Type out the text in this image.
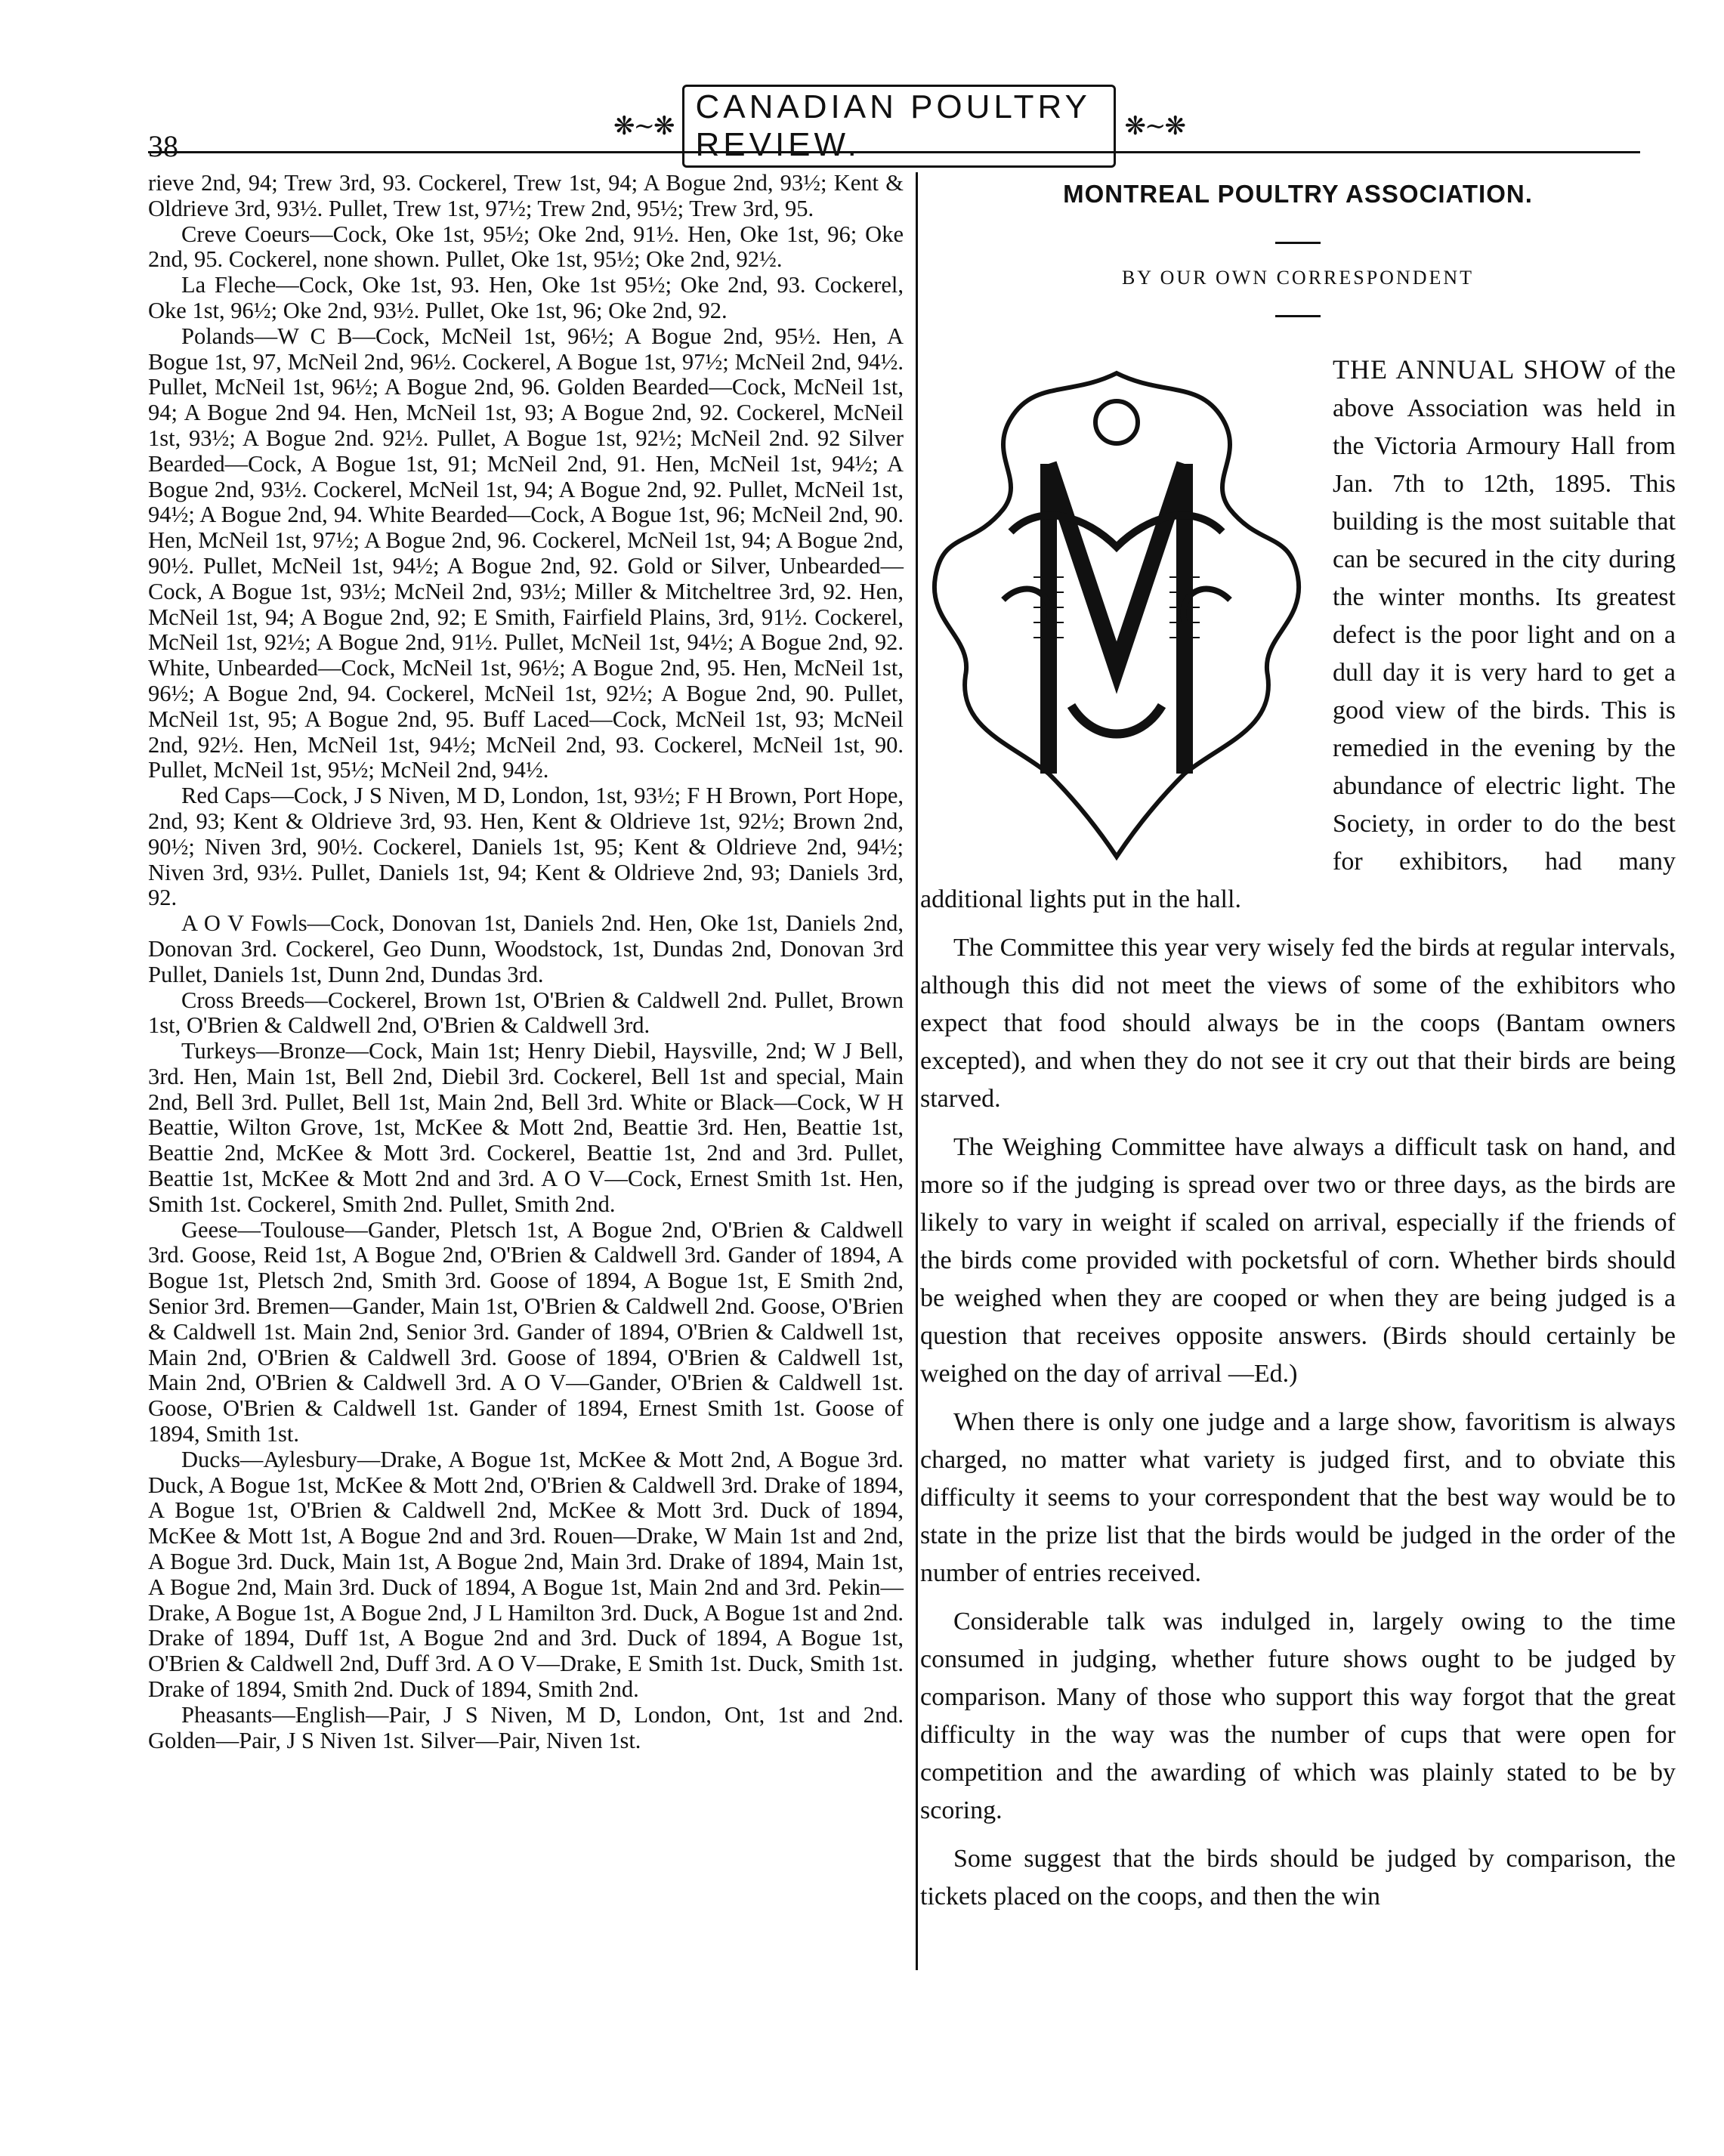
38
❋∼❋
CANADIAN POULTRY REVIEW.	❋∼❋

rieve 2nd, 94; Trew 3rd, 93. Cockerel, Trew 1st, 94; A Bogue 2nd, 93½; Kent & Oldrieve 3rd, 93½. Pullet, Trew 1st, 97½; Trew 2nd, 95½; Trew 3rd, 95.

Creve Coeurs—Cock, Oke 1st, 95½; Oke 2nd, 91½. Hen, Oke 1st, 96; Oke 2nd, 95. Cockerel, none shown. Pullet, Oke 1st, 95½; Oke 2nd, 92½.

La Fleche—Cock, Oke 1st, 93. Hen, Oke 1st 95½; Oke 2nd, 93. Cockerel, Oke 1st, 96½; Oke 2nd, 93½. Pullet, Oke 1st, 96; Oke 2nd, 92.

Polands—W C B—Cock, McNeil 1st, 96½; A Bogue 2nd, 95½. Hen, A Bogue 1st, 97, McNeil 2nd, 96½. Cockerel, A Bogue 1st, 97½; McNeil 2nd, 94½. Pullet, McNeil 1st, 96½; A Bogue 2nd, 96. Golden Bearded—Cock, McNeil 1st, 94; A Bogue 2nd 94. Hen, McNeil 1st, 93; A Bogue 2nd, 92. Cockerel, McNeil 1st, 93½; A Bogue 2nd. 92½. Pullet, A Bogue 1st, 92½; McNeil 2nd. 92 Silver Bearded—Cock, A Bogue 1st, 91; McNeil 2nd, 91. Hen, McNeil 1st, 94½; A Bogue 2nd, 93½. Cockerel, McNeil 1st, 94; A Bogue 2nd, 92. Pullet, McNeil 1st, 94½; A Bogue 2nd, 94. White Bearded—Cock, A Bogue 1st, 96; McNeil 2nd, 90. Hen, McNeil 1st, 97½; A Bogue 2nd, 96. Cockerel, McNeil 1st, 94; A Bogue 2nd, 90½. Pullet, McNeil 1st, 94½; A Bogue 2nd, 92. Gold or Silver, Unbearded—Cock, A Bogue 1st, 93½; McNeil 2nd, 93½; Miller & Mitcheltree 3rd, 92. Hen, McNeil 1st, 94; A Bogue 2nd, 92; E Smith, Fairfield Plains, 3rd, 91½. Cockerel, McNeil 1st, 92½; A Bogue 2nd, 91½. Pullet, McNeil 1st, 94½; A Bogue 2nd, 92. White, Unbearded—Cock, McNeil 1st, 96½; A Bogue 2nd, 95. Hen, McNeil 1st, 96½; A Bogue 2nd, 94. Cockerel, McNeil 1st, 92½; A Bogue 2nd, 90. Pullet, McNeil 1st, 95; A Bogue 2nd, 95. Buff Laced—Cock, McNeil 1st, 93; McNeil 2nd, 92½. Hen, McNeil 1st, 94½; McNeil 2nd, 93. Cockerel, McNeil 1st, 90. Pullet, McNeil 1st, 95½; McNeil 2nd, 94½.

Red Caps—Cock, J S Niven, M D, London, 1st, 93½; F H Brown, Port Hope, 2nd, 93; Kent & Oldrieve 3rd, 93. Hen, Kent & Oldrieve 1st, 92½; Brown 2nd, 90½; Niven 3rd, 90½. Cockerel, Daniels 1st, 95; Kent & Oldrieve 2nd, 94½; Niven 3rd, 93½. Pullet, Daniels 1st, 94; Kent & Oldrieve 2nd, 93; Daniels 3rd, 92.

A O V Fowls—Cock, Donovan 1st, Daniels 2nd. Hen, Oke 1st, Daniels 2nd, Donovan 3rd. Cockerel, Geo Dunn, Woodstock, 1st, Dundas 2nd, Donovan 3rd Pullet, Daniels 1st, Dunn 2nd, Dundas 3rd.

Cross Breeds—Cockerel, Brown 1st, O'Brien & Caldwell 2nd. Pullet, Brown 1st, O'Brien & Caldwell 2nd, O'Brien & Caldwell 3rd.

Turkeys—Bronze—Cock, Main 1st; Henry Diebil, Haysville, 2nd; W J Bell, 3rd. Hen, Main 1st, Bell 2nd, Diebil 3rd. Cockerel, Bell 1st and special, Main 2nd, Bell 3rd. Pullet, Bell 1st, Main 2nd, Bell 3rd. White or Black—Cock, W H Beattie, Wilton Grove, 1st, McKee & Mott 2nd, Beattie 3rd. Hen, Beattie 1st, Beattie 2nd, McKee & Mott 3rd. Cockerel, Beattie 1st, 2nd and 3rd. Pullet, Beattie 1st, McKee & Mott 2nd and 3rd. A O V—Cock, Ernest Smith 1st. Hen, Smith 1st. Cockerel, Smith 2nd. Pullet, Smith 2nd.

Geese—Toulouse—Gander, Pletsch 1st, A Bogue 2nd, O'Brien & Caldwell 3rd. Goose, Reid 1st, A Bogue 2nd, O'Brien & Caldwell 3rd. Gander of 1894, A Bogue 1st, Pletsch 2nd, Smith 3rd. Goose of 1894, A Bogue 1st, E Smith 2nd, Senior 3rd. Bremen—Gander, Main 1st, O'Brien & Caldwell 2nd. Goose, O'Brien & Caldwell 1st. Main 2nd, Senior 3rd. Gander of 1894, O'Brien & Caldwell 1st, Main 2nd, O'Brien & Caldwell 3rd. Goose of 1894, O'Brien & Caldwell 1st, Main 2nd, O'Brien & Caldwell 3rd. A O V—Gander, O'Brien & Caldwell 1st. Goose, O'Brien & Caldwell 1st. Gander of 1894, Ernest Smith 1st. Goose of 1894, Smith 1st.

Ducks—Aylesbury—Drake, A Bogue 1st, McKee & Mott 2nd, A Bogue 3rd. Duck, A Bogue 1st, McKee & Mott 2nd, O'Brien & Caldwell 3rd. Drake of 1894, A Bogue 1st, O'Brien & Caldwell 2nd, McKee & Mott 3rd. Duck of 1894, McKee & Mott 1st, A Bogue 2nd and 3rd. Rouen—Drake, W Main 1st and 2nd, A Bogue 3rd. Duck, Main 1st, A Bogue 2nd, Main 3rd. Drake of 1894, Main 1st, A Bogue 2nd, Main 3rd. Duck of 1894, A Bogue 1st, Main 2nd and 3rd. Pekin—Drake, A Bogue 1st, A Bogue 2nd, J L Hamilton 3rd. Duck, A Bogue 1st and 2nd. Drake of 1894, Duff 1st, A Bogue 2nd and 3rd. Duck of 1894, A Bogue 1st, O'Brien & Caldwell 2nd, Duff 3rd. A O V—Drake, E Smith 1st. Duck, Smith 1st. Drake of 1894, Smith 2nd. Duck of 1894, Smith 2nd.

Pheasants—English—Pair, J S Niven, M D, London, Ont, 1st and 2nd. Golden—Pair, J S Niven 1st. Silver—Pair, Niven 1st.

MONTREAL POULTRY ASSOCIATION.
BY OUR OWN CORRESPONDENT

THE ANNUAL SHOW of the above Association was held in the Victoria Armoury Hall from Jan. 7th to 12th, 1895. This building is the most suitable that can be secured in the city during the winter months. Its greatest defect is the poor light and on a dull day it is very hard to get a good view of the birds. This is remedied in the evening by the abundance of electric light. The Society, in order to do the best for exhibitors, had many additional lights put in the hall.

The Committee this year very wisely fed the birds at regular intervals, although this did not meet the views of some of the exhibitors who expect that food should always be in the coops (Bantam owners excepted), and when they do not see it cry out that their birds are being starved.

The Weighing Committee have always a difficult task on hand, and more so if the judging is spread over two or three days, as the birds are likely to vary in weight if scaled on arrival, especially if the friends of the birds come provided with pocketsful of corn. Whether birds should be weighed when they are cooped or when they are being judged is a question that receives opposite answers. (Birds should certainly be weighed on the day of arrival —Ed.)

When there is only one judge and a large show, favoritism is always charged, no matter what variety is judged first, and to obviate this difficulty it seems to your correspondent that the best way would be to state in the prize list that the birds would be judged in the order of the number of entries received.

Considerable talk was indulged in, largely owing to the time consumed in judging, whether future shows ought to be judged by comparison. Many of those who support this way forgot that the great difficulty in the way was the number of cups that were open for competition and the awarding of which was plainly stated to be by scoring.

Some suggest that the birds should be judged by comparison, the tickets placed on the coops, and then the win
